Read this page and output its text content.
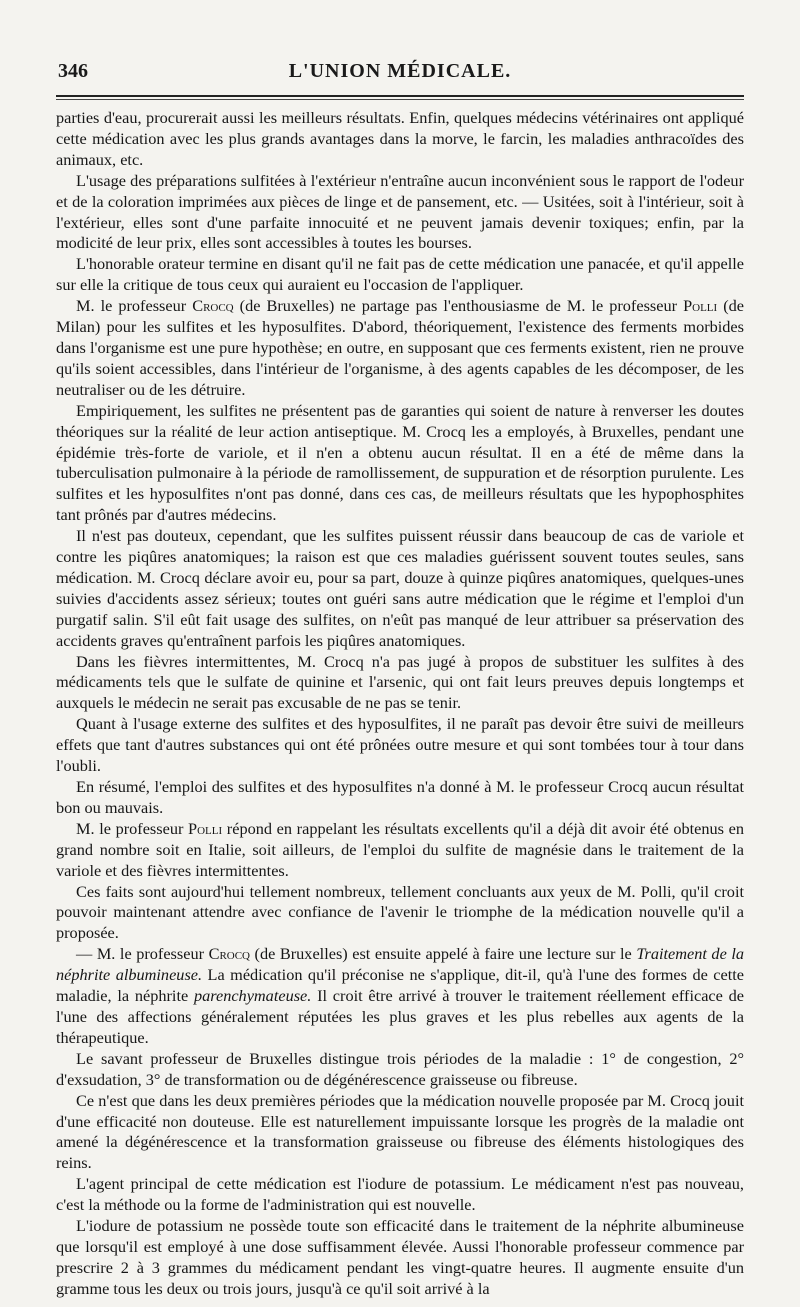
346	L'UNION MÉDICALE.

parties d'eau, procurerait aussi les meilleurs résultats. Enfin, quelques médecins vétérinaires ont appliqué cette médication avec les plus grands avantages dans la morve, le farcin, les maladies anthracoïdes des animaux, etc.

L'usage des préparations sulfitées à l'extérieur n'entraîne aucun inconvénient sous le rapport de l'odeur et de la coloration imprimées aux pièces de linge et de pansement, etc. — Usitées, soit à l'intérieur, soit à l'extérieur, elles sont d'une parfaite innocuité et ne peuvent jamais devenir toxiques; enfin, par la modicité de leur prix, elles sont accessibles à toutes les bourses.

L'honorable orateur termine en disant qu'il ne fait pas de cette médication une panacée, et qu'il appelle sur elle la critique de tous ceux qui auraient eu l'occasion de l'appliquer.

M. le professeur Crocq (de Bruxelles) ne partage pas l'enthousiasme de M. le professeur Polli (de Milan) pour les sulfites et les hyposulfites. D'abord, théoriquement, l'existence des ferments morbides dans l'organisme est une pure hypothèse; en outre, en supposant que ces ferments existent, rien ne prouve qu'ils soient accessibles, dans l'intérieur de l'organisme, à des agents capables de les décomposer, de les neutraliser ou de les détruire.

Empiriquement, les sulfites ne présentent pas de garanties qui soient de nature à renverser les doutes théoriques sur la réalité de leur action antiseptique. M. Crocq les a employés, à Bruxelles, pendant une épidémie très-forte de variole, et il n'en a obtenu aucun résultat. Il en a été de même dans la tuberculisation pulmonaire à la période de ramollissement, de suppuration et de résorption purulente. Les sulfites et les hyposulfites n'ont pas donné, dans ces cas, de meilleurs résultats que les hypophosphites tant prônés par d'autres médecins.

Il n'est pas douteux, cependant, que les sulfites puissent réussir dans beaucoup de cas de variole et contre les piqûres anatomiques; la raison est que ces maladies guérissent souvent toutes seules, sans médication. M. Crocq déclare avoir eu, pour sa part, douze à quinze piqûres anatomiques, quelques-unes suivies d'accidents assez sérieux; toutes ont guéri sans autre médication que le régime et l'emploi d'un purgatif salin. S'il eût fait usage des sulfites, on n'eût pas manqué de leur attribuer sa préservation des accidents graves qu'entraînent parfois les piqûres anatomiques.

Dans les fièvres intermittentes, M. Crocq n'a pas jugé à propos de substituer les sulfites à des médicaments tels que le sulfate de quinine et l'arsenic, qui ont fait leurs preuves depuis longtemps et auxquels le médecin ne serait pas excusable de ne pas se tenir.

Quant à l'usage externe des sulfites et des hyposulfites, il ne paraît pas devoir être suivi de meilleurs effets que tant d'autres substances qui ont été prônées outre mesure et qui sont tombées tour à tour dans l'oubli.

En résumé, l'emploi des sulfites et des hyposulfites n'a donné à M. le professeur Crocq aucun résultat bon ou mauvais.

M. le professeur Polli répond en rappelant les résultats excellents qu'il a déjà dit avoir été obtenus en grand nombre soit en Italie, soit ailleurs, de l'emploi du sulfite de magnésie dans le traitement de la variole et des fièvres intermittentes.

Ces faits sont aujourd'hui tellement nombreux, tellement concluants aux yeux de M. Polli, qu'il croit pouvoir maintenant attendre avec confiance de l'avenir le triomphe de la médication nouvelle qu'il a proposée.

— M. le professeur Crocq (de Bruxelles) est ensuite appelé à faire une lecture sur le Traitement de la néphrite albumineuse. La médication qu'il préconise ne s'applique, dit-il, qu'à l'une des formes de cette maladie, la néphrite parenchymateuse. Il croit être arrivé à trouver le traitement réellement efficace de l'une des affections généralement réputées les plus graves et les plus rebelles aux agents de la thérapeutique.

Le savant professeur de Bruxelles distingue trois périodes de la maladie : 1° de congestion, 2° d'exsudation, 3° de transformation ou de dégénérescence graisseuse ou fibreuse.

Ce n'est que dans les deux premières périodes que la médication nouvelle proposée par M. Crocq jouit d'une efficacité non douteuse. Elle est naturellement impuissante lorsque les progrès de la maladie ont amené la dégénérescence et la transformation graisseuse ou fibreuse des éléments histologiques des reins.

L'agent principal de cette médication est l'iodure de potassium. Le médicament n'est pas nouveau, c'est la méthode ou la forme de l'administration qui est nouvelle.

L'iodure de potassium ne possède toute son efficacité dans le traitement de la néphrite albumineuse que lorsqu'il est employé à une dose suffisamment élevée. Aussi l'honorable professeur commence par prescrire 2 à 3 grammes du médicament pendant les vingt-quatre heures. Il augmente ensuite d'un gramme tous les deux ou trois jours, jusqu'à ce qu'il soit arrivé à la
